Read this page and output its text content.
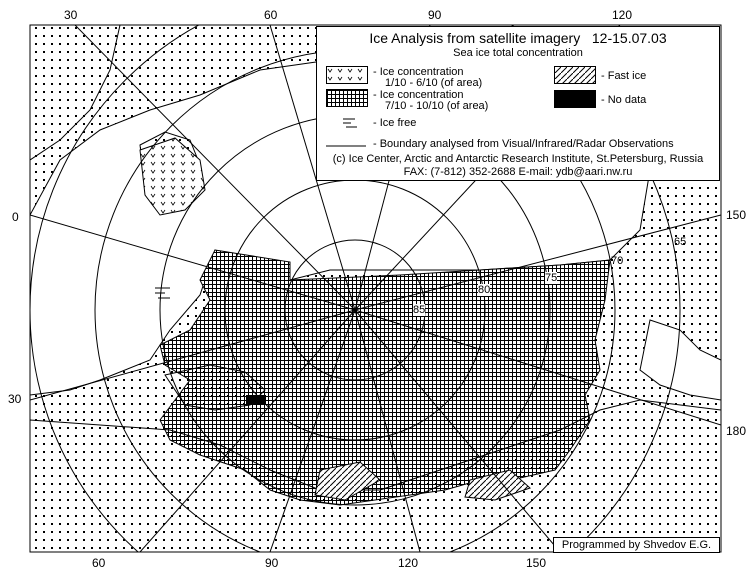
30	60	90	120
60	90	120	150
0
30
150
180
85
80
75
70
65
Ice Analysis from satellite imagery 12-15.07.03
Sea ice total concentration
- Ice concentration
1/10 - 6/10 (of area)
- Ice concentration
7/10 - 10/10 (of area)
- Fast ice
- No data
- Ice free
- Boundary analysed from Visual/Infrared/Radar Observations
(c) Ice Center, Arctic and Antarctic Research Institute, St.Petersburg, Russia
FAX: (7-812) 352-2688 E-mail: ydb@aari.nw.ru
Programmed by Shvedov E.G.
